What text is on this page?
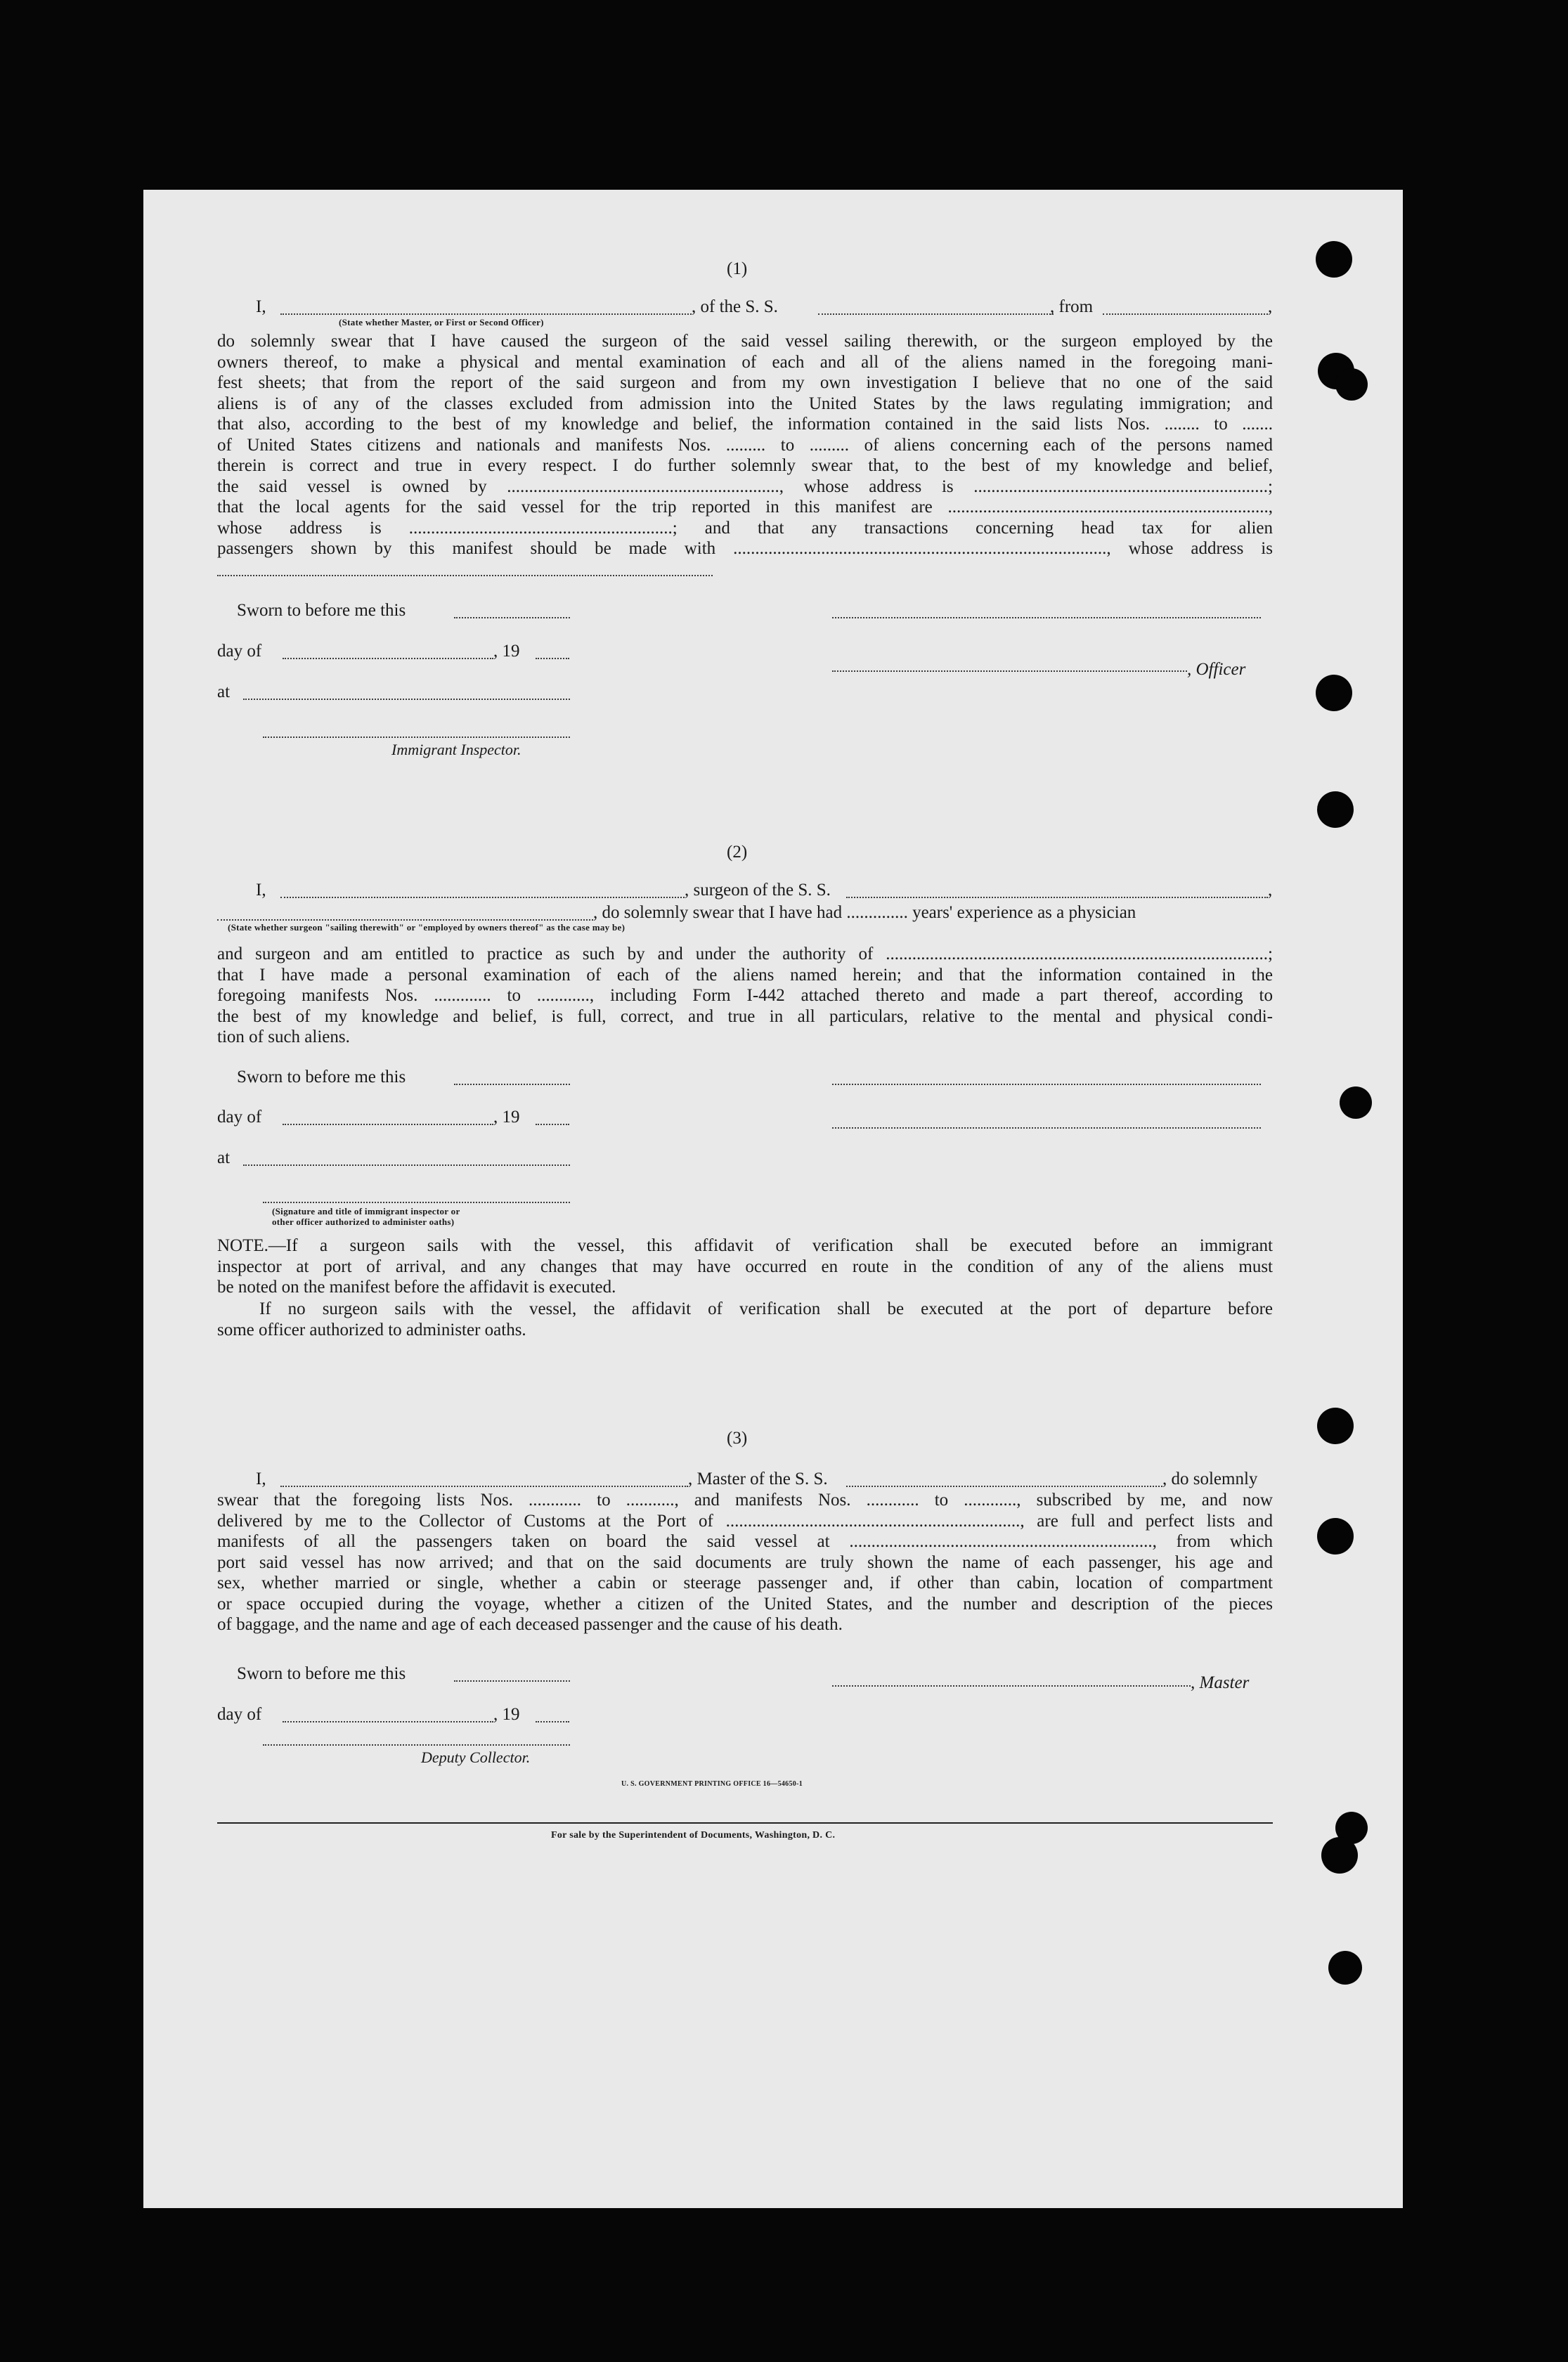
(1)
I,	, of the S. S.	, from	,
(State whether Master, or First or Second Officer)
do solemnly swear that I have caused the surgeon of the said vessel sailing therewith, or the surgeon employed by the
owners thereof, to make a physical and mental examination of each and all of the aliens named in the foregoing mani-
fest sheets; that from the report of the said surgeon and from my own investigation I believe that no one of the said
aliens is of any of the classes excluded from admission into the United States by the laws regulating immigration; and
that also, according to the best of my knowledge and belief, the information contained in the said lists Nos. ........ to .......
of United States citizens and nationals and manifests Nos. ......... to ......... of aliens concerning each of the persons named
therein is correct and true in every respect. I do further solemnly swear that, to the best of my knowledge and belief,
the said vessel is owned by .............................................................., whose address is ...................................................................;
that the local agents for the said vessel for the trip reported in this manifest are .........................................................................,
whose address is ............................................................; and that any transactions concerning head tax for alien
passengers shown by this manifest should be made with ....................................................................................., whose address is
Sworn to before me this
day of	, 19
, Officer
at
Immigrant Inspector.
(2)
I,	, surgeon of the S. S.	,
, do solemnly swear that I have had .............. years' experience as a physician
(State whether surgeon "sailing therewith" or "employed by owners thereof" as the case may be)
and surgeon and am entitled to practice as such by and under the authority of .......................................................................................;
that I have made a personal examination of each of the aliens named herein; and that the information contained in the
foregoing manifests Nos. ............. to ............, including Form I-442 attached thereto and made a part thereof, according to
the best of my knowledge and belief, is full, correct, and true in all particulars, relative to the mental and physical condi-
tion of such aliens.
Sworn to before me this
day of	, 19
at
(Signature and title of immigrant inspector or
other officer authorized to administer oaths)
NOTE.—If a surgeon sails with the vessel, this affidavit of verification shall be executed before an immigrant
inspector at port of arrival, and any changes that may have occurred en route in the condition of any of the aliens must
be noted on the manifest before the affidavit is executed.
If no surgeon sails with the vessel, the affidavit of verification shall be executed at the port of departure before
some officer authorized to administer oaths.
(3)
I,	, Master of the S. S.	, do solemnly
swear that the foregoing lists Nos. ............ to ..........., and manifests Nos. ............ to ............, subscribed by me, and now
delivered by me to the Collector of Customs at the Port of ..................................................................., are full and perfect lists and
manifests of all the passengers taken on board the said vessel at ....................................................................., from which
port said vessel has now arrived; and that on the said documents are truly shown the name of each passenger, his age and
sex, whether married or single, whether a cabin or steerage passenger and, if other than cabin, location of compartment
or space occupied during the voyage, whether a citizen of the United States, and the number and description of the pieces
of baggage, and the name and age of each deceased passenger and the cause of his death.
Sworn to before me this	, Master
day of	, 19
Deputy Collector.
U. S. GOVERNMENT PRINTING OFFICE 16—54650-1
For sale by the Superintendent of Documents, Washington, D. C.
